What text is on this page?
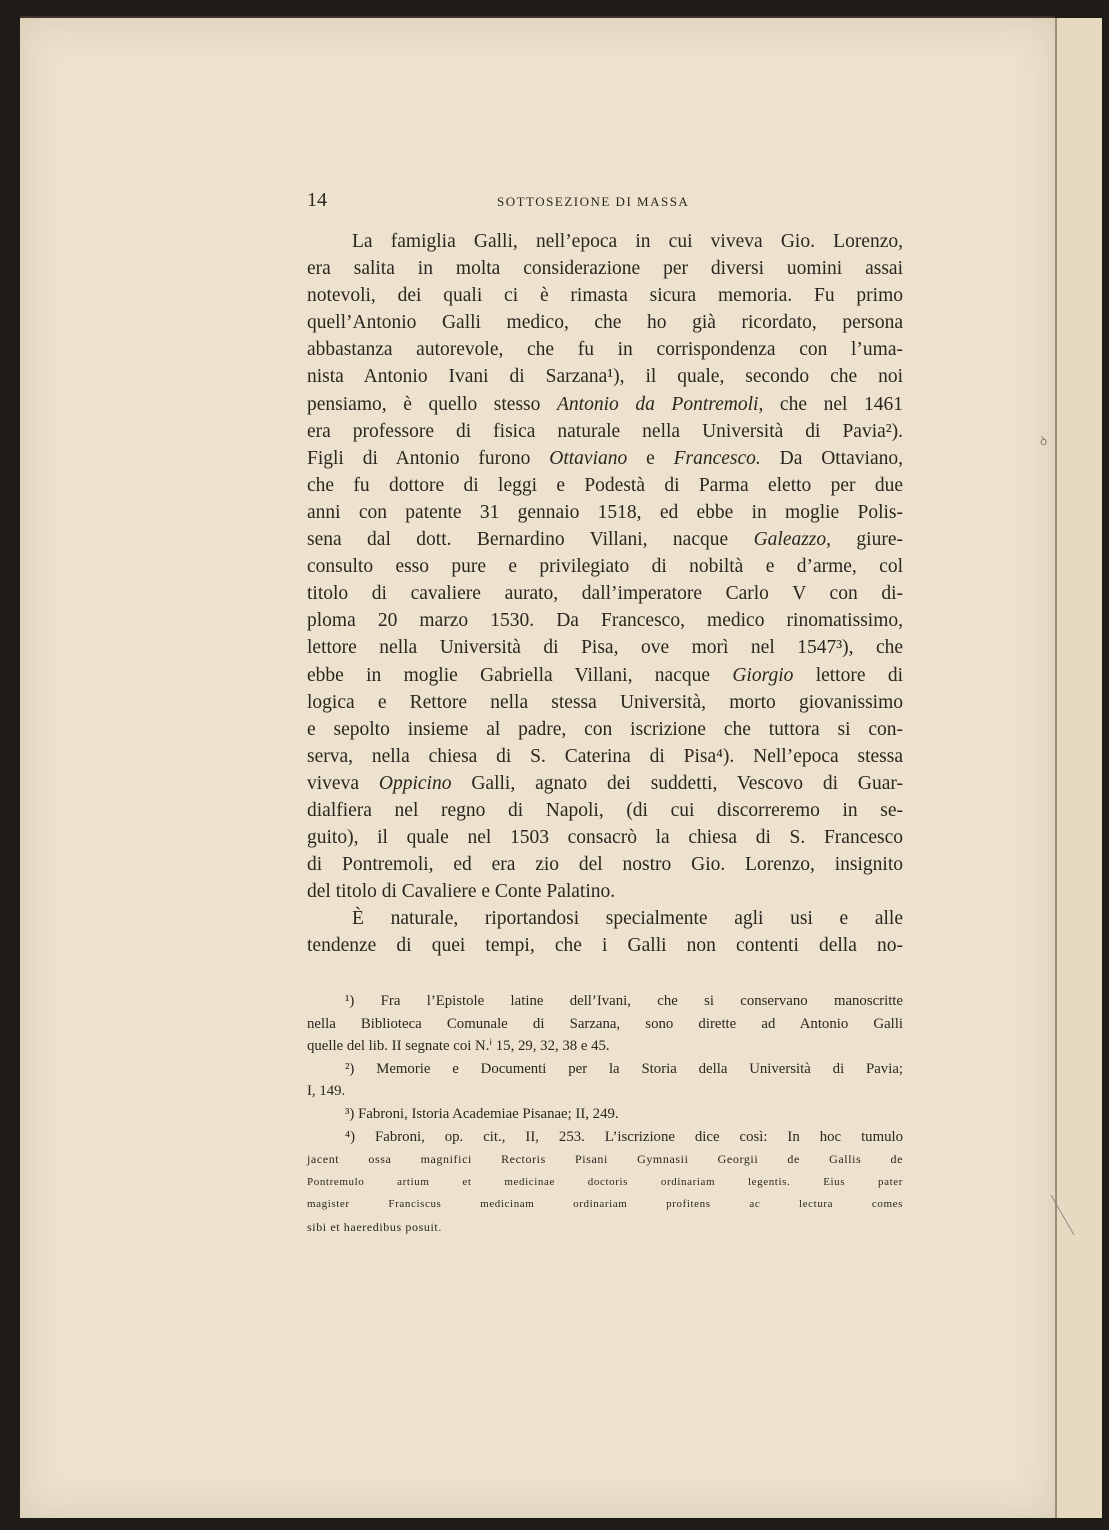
ꝺ
14	SOTTOSEZIONE DI MASSA
La famiglia Galli, nell’epoca in cui viveva Gio. Lorenzo,
era salita in molta considerazione per diversi uomini assai
notevoli, dei quali ci è rimasta sicura memoria. Fu primo
quell’Antonio Galli medico, che ho già ricordato, persona
abbastanza autorevole, che fu in corrispondenza con l’uma-
nista Antonio Ivani di Sarzana¹), il quale, secondo che noi
pensiamo, è quello stesso Antonio da Pontremoli, che nel 1461
era professore di fisica naturale nella Università di Pavia²).
Figli di Antonio furono Ottaviano e Francesco. Da Ottaviano,
che fu dottore di leggi e Podestà di Parma eletto per due
anni con patente 31 gennaio 1518, ed ebbe in moglie Polis-
sena dal dott. Bernardino Villani, nacque Galeazzo, giure-
consulto esso pure e privilegiato di nobiltà e d’arme, col
titolo di cavaliere aurato, dall’imperatore Carlo V con di-
ploma 20 marzo 1530. Da Francesco, medico rinomatissimo,
lettore nella Università di Pisa, ove morì nel 1547³), che
ebbe in moglie Gabriella Villani, nacque Giorgio lettore di
logica e Rettore nella stessa Università, morto giovanissimo
e sepolto insieme al padre, con iscrizione che tuttora si con-
serva, nella chiesa di S. Caterina di Pisa⁴). Nell’epoca stessa
viveva Oppicino Galli, agnato dei suddetti, Vescovo di Guar-
dialfiera nel regno di Napoli, (di cui discorreremo in se-
guito), il quale nel 1503 consacrò la chiesa di S. Francesco
di Pontremoli, ed era zio del nostro Gio. Lorenzo, insignito
del titolo di Cavaliere e Conte Palatino.
È naturale, riportandosi specialmente agli usi e alle
tendenze di quei tempi, che i Galli non contenti della no-
¹) Fra l’Epistole latine dell’Ivani, che si conservano manoscritte
nella Biblioteca Comunale di Sarzana, sono dirette ad Antonio Galli
quelle del lib. II segnate coi N.ⁱ 15, 29, 32, 38 e 45.
²) Memorie e Documenti per la Storia della Università di Pavia;
I, 149.
³) Fabroni, Istoria Academiae Pisanae; II, 249.
⁴) Fabroni, op. cit., II, 253. L’iscrizione dice così: In hoc tumulo
jacent ossa magnifici Rectoris Pisani Gymnasii Georgii de Gallis de
Pontremulo artium et medicinae doctoris ordinariam legentis. Eius pater
magister Franciscus medicinam ordinariam profitens ac lectura comes
sibi et haeredibus posuit.
